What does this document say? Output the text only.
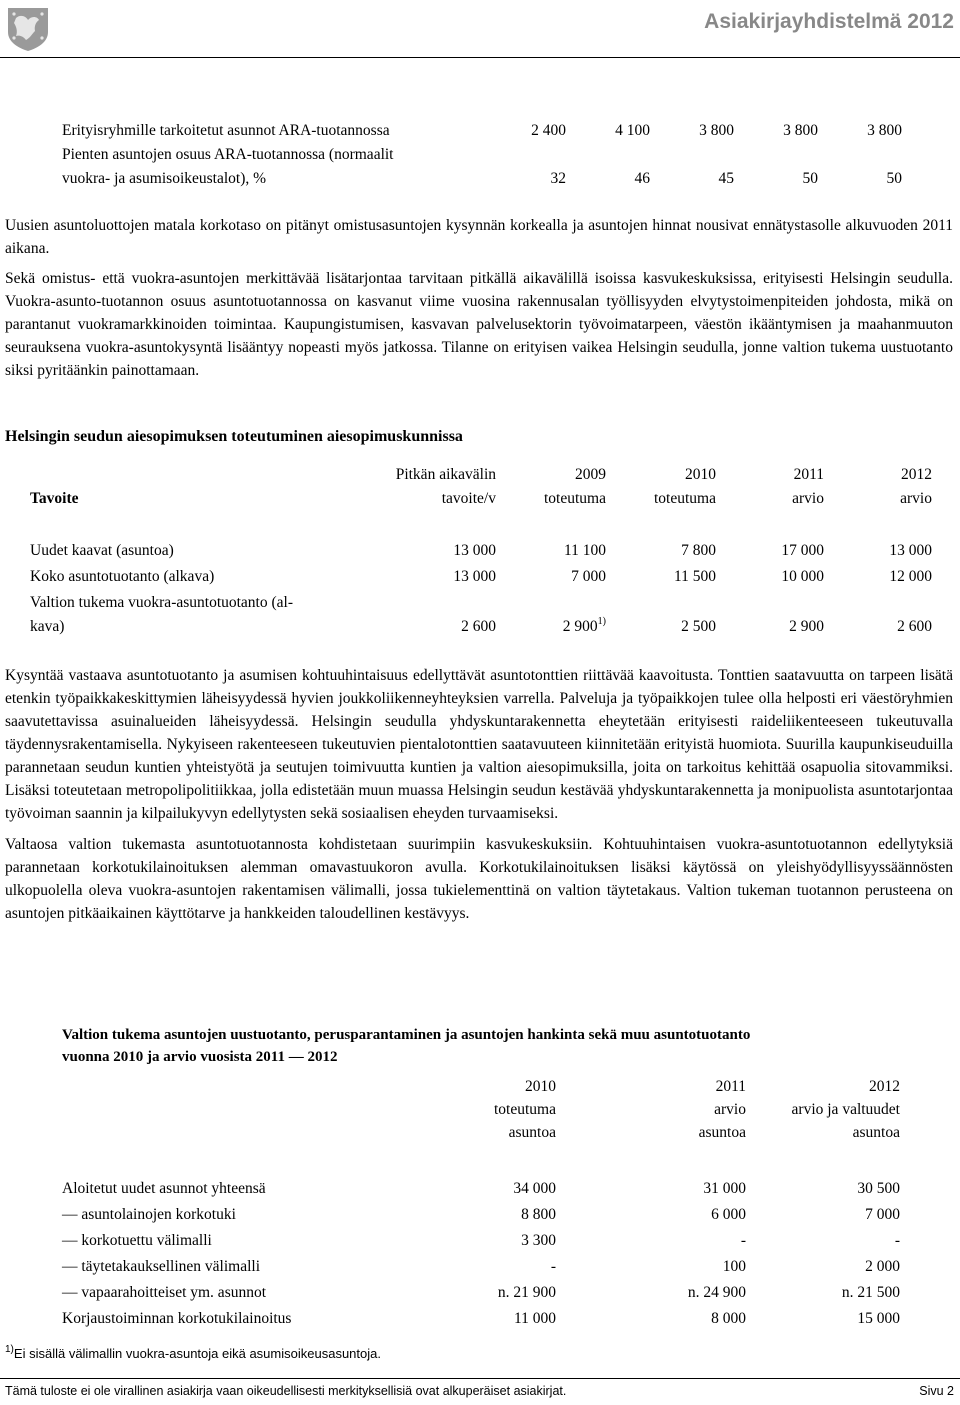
Asiakirjayhdistelmä 2012
Erityisryhmille tarkoitetut asunnot ARA-tuotannossa	2 400	4 100	3 800	3 800	3 800
Pienten asuntojen osuus ARA-tuotannossa (normaalit					
vuokra- ja asumisoikeustalot), %	32	46	45	50	50

Uusien asuntoluottojen matala korkotaso on pitänyt omistusasuntojen kysynnän korkealla ja asuntojen hinnat nousivat ennätystasolle alkuvuoden 2011 aikana.

Sekä omistus- että vuokra-asuntojen merkittävää lisätarjontaa tarvitaan pitkällä aikavälillä isoissa kasvukeskuksissa, erityisesti Helsingin seudulla. Vuokra-asunto-tuotannon osuus asuntotuotannossa on kasvanut viime vuosina rakennusalan työllisyyden elvytystoimenpiteiden johdosta, mikä on parantanut vuokramarkkinoiden toimintaa. Kaupungistumisen, kasvavan palvelusektorin työvoimatarpeen, väestön ikääntymisen ja maahanmuuton seurauksena vuokra-asuntokysyntä lisääntyy nopeasti myös jatkossa. Tilanne on erityisen vaikea Helsingin seudulla, jonne valtion tukema uustuotanto siksi pyritäänkin painottamaan.

Helsingin seudun aiesopimuksen toteutuminen aiesopimuskunnissa
	Pitkän aikavälin	2009	2010	2011	2012
Tavoite	tavoite/v	toteutuma	toteutuma	arvio	arvio

Uudet kaavat (asuntoa)	13 000	11 100	7 800	17 000	13 000
Koko asuntotuotanto (alkava)	13 000	7 000	11 500	10 000	12 000
Valtion tukema vuokra-asuntotuotanto (al-					
kava)	2 600	2 900$^{1)}$	2 500	2 900	2 600

Kysyntää vastaava asuntotuotanto ja asumisen kohtuuhintaisuus edellyttävät asuntotonttien riittävää kaavoitusta. Tonttien saatavuutta on tarpeen lisätä etenkin työpaikkakeskittymien läheisyydessä hyvien joukkoliikenneyhteyksien varrella. Palveluja ja työpaikkojen tulee olla helposti eri väestöryhmien saavutettavissa asuinalueiden läheisyydessä. Helsingin seudulla yhdyskuntarakennetta eheytetään erityisesti raideliikenteeseen tukeutuvalla täydennysrakentamisella. Nykyiseen rakenteeseen tukeutuvien pientalotonttien saatavuuteen kiinnitetään erityistä huomiota. Suurilla kaupunkiseuduilla parannetaan seudun kuntien yhteistyötä ja seutujen toimivuutta kuntien ja valtion aiesopimuksilla, joita on tarkoitus kehittää osapuolia sitovammiksi. Lisäksi toteutetaan metropolipolitiikkaa, jolla edistetään muun muassa Helsingin seudun kestävää yhdyskuntarakennetta ja monipuolista asuntotarjontaa työvoiman saannin ja kilpailukyvyn edellytysten sekä sosiaalisen eheyden turvaamiseksi.

Valtaosa valtion tukemasta asuntotuotannosta kohdistetaan suurimpiin kasvukeskuksiin. Kohtuuhintaisen vuokra-asuntotuotannon edellytyksiä parannetaan korkotukilainoituksen alemman omavastuukoron avulla. Korkotukilainoituksen lisäksi käytössä on yleishyödyllisyyssäännösten ulkopuolella oleva vuokra-asuntojen rakentamisen välimalli, jossa tukielementtinä on valtion täytetakaus. Valtion tukeman tuotannon perusteena on asuntojen pitkäaikainen käyttötarve ja hankkeiden taloudellinen kestävyys.

Valtion tukema asuntojen uustuotanto, perusparantaminen ja asuntojen hankinta sekä muu asuntotuotanto
vuonna 2010 ja arvio vuosista 2011 — 2012
	2010	2011	2012
	toteutuma	arvio	arvio ja valtuudet
	asuntoa	asuntoa	asuntoa

Aloitetut uudet asunnot yhteensä	34 000	31 000	30 500
— asuntolainojen korkotuki	8 800	6 000	7 000
— korkotuettu välimalli	3 300	-	-
— täytetakauksellinen välimalli	-	100	2 000
— vapaarahoitteiset ym. asunnot	n. 21 900	n. 24 900	n. 21 500
Korjaustoiminnan korkotukilainoitus	11 000	8 000	15 000
$^{1)}$Ei sisällä välimallin vuokra-asuntoja eikä asumisoikeusasuntoja.
Tämä tuloste ei ole virallinen asiakirja vaan oikeudellisesti merkityksellisiä ovat alkuperäiset asiakirjat.	Sivu 2
